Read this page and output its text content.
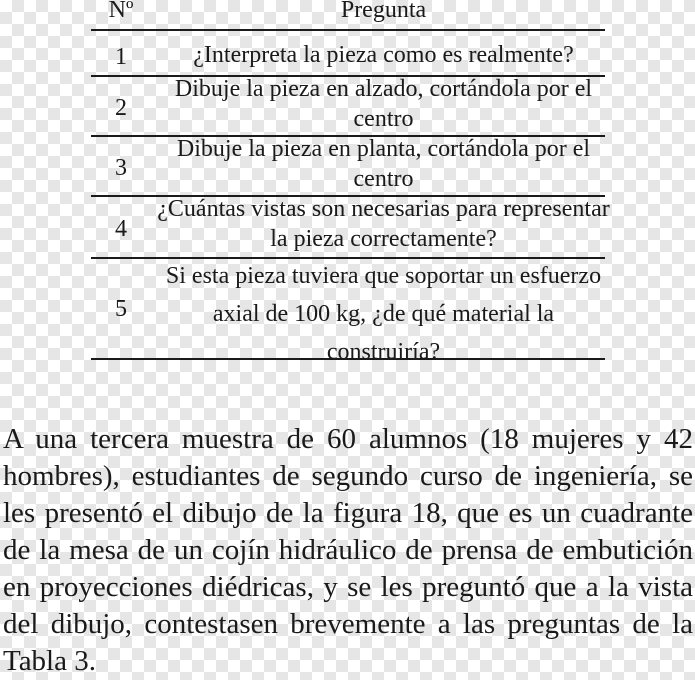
Nº	Pregunta
1	¿Interpreta la pieza como es realmente?
2
Dibuje la pieza en alzado, cortándola por el centro
3
Dibuje la pieza en planta, cortándola por el centro
4
¿Cuántas vistas son necesarias para representar la pieza correctamente?
5
Si esta pieza tuviera que soportar un esfuerzo axial de 100 kg, ¿de qué material la construiría?

A una tercera muestra de 60 alumnos (18 mujeres y 42 hombres), estudiantes de segundo curso de ingeniería, se les presentó el dibujo de la figura 18, que es un cuadrante de la mesa de un cojín hidráulico de prensa de embutición en proyecciones diédricas, y se les preguntó que a la vista del dibujo, contestasen brevemente a las preguntas de la Tabla 3.
